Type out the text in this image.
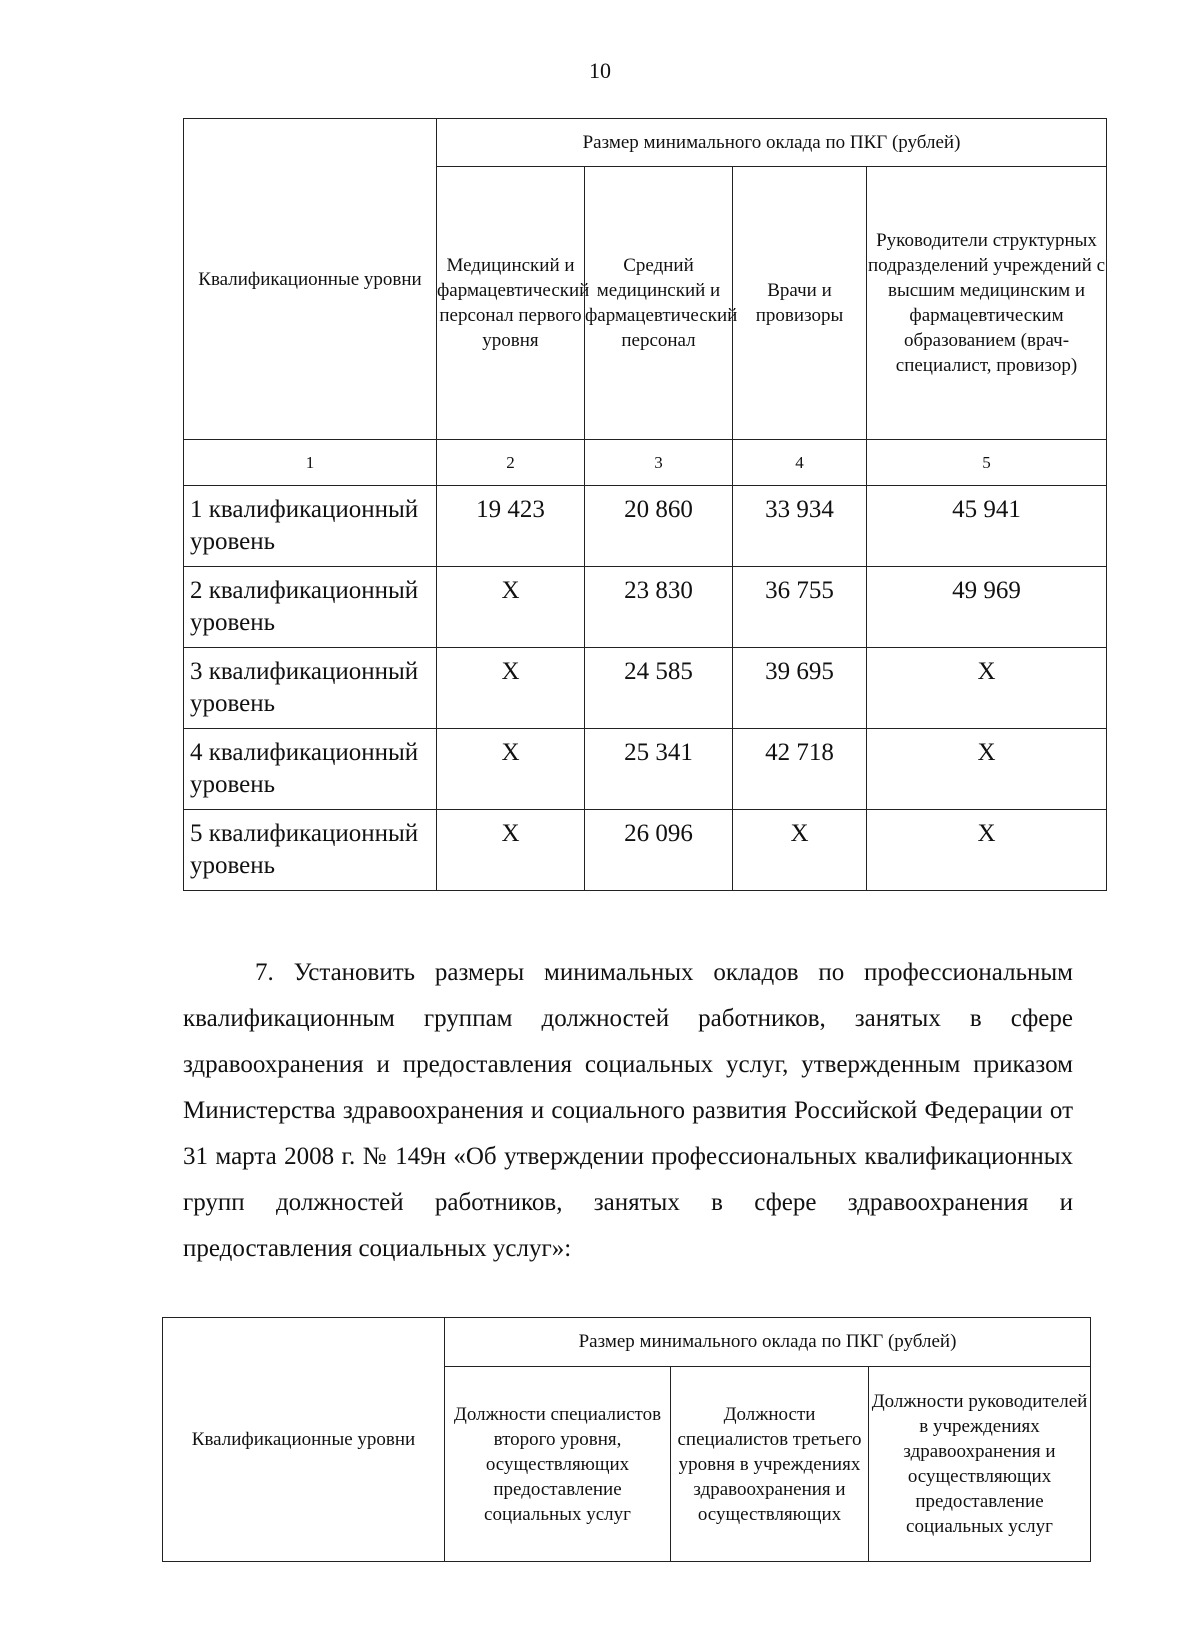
10
Квалификационные уровни	Размер минимального оклада по ПКГ (рублей)			
	Медицинский и фармацевтический персонал первого уровня	Средний медицинский и фармацевтический персонал	Врачи и провизоры	Руководители структурных подразделений учреждений с высшим медицинским и фармацевтическим образованием (врач-специалист, провизор)
1	2	3	4	5
1 квалификационный уровень	19 423	20 860	33 934	45 941
2 квалификационный уровень	Х	23 830	36 755	49 969
3 квалификационный уровень	Х	24 585	39 695	Х
4 квалификационный уровень	Х	25 341	42 718	Х
5 квалификационный уровень	Х	26 096	Х	Х

7. Установить размеры минимальных окладов по профессиональным квалификационным группам должностей работников, занятых в сфере здравоохранения и предоставления социальных услуг, утвержденным приказом Министерства здравоохранения и социального развития Российской Федерации от 31 марта 2008 г. № 149н «Об утверждении профессиональных квалификационных групп должностей работников, занятых в сфере здравоохранения и предоставления социальных услуг»:

Квалификационные уровни	Размер минимального оклада по ПКГ (рублей)		
	Должности специалистов второго уровня, осуществляющих предоставление социальных услуг	Должности специалистов третьего уровня в учреждениях здравоохранения и осуществляющих	Должности руководителей в учреждениях здравоохранения и осуществляющих предоставление социальных услуг
